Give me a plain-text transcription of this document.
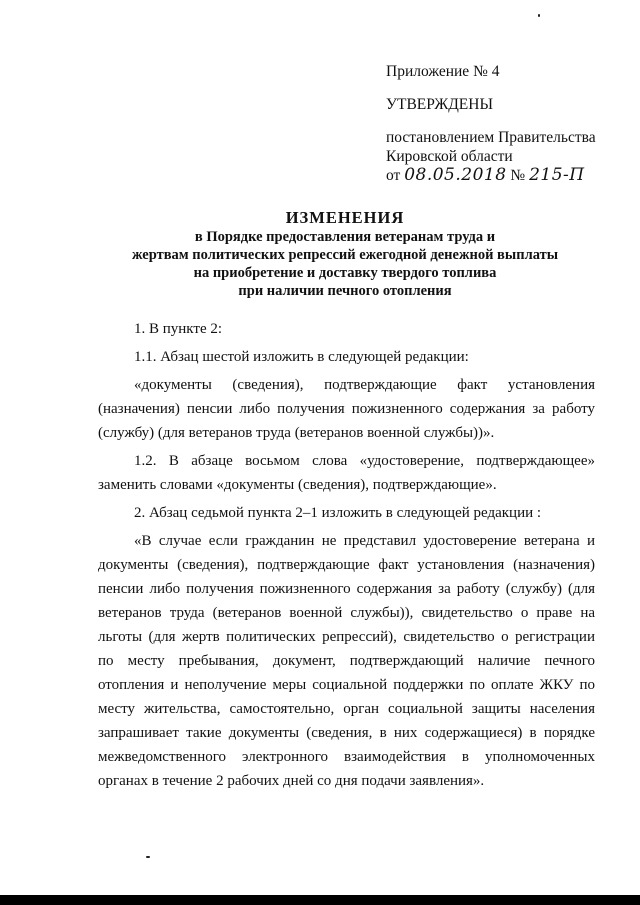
Приложение № 4
УТВЕРЖДЕНЫ
постановлением Правительства
Кировской области
от 08.05.2018 № 215-П
ИЗМЕНЕНИЯ
в Порядке предоставления ветеранам труда и
жертвам политических репрессий ежегодной денежной выплаты
на приобретение и доставку твердого топлива
при наличии печного отопления

1. В пункте 2:

1.1. Абзац шестой изложить в следующей редакции:

«документы (сведения), подтверждающие факт установления (назначения) пенсии либо получения пожизненного содержания за работу (службу) (для ветеранов труда (ветеранов военной службы))».

1.2. В абзаце восьмом слова «удостоверение, подтверждающее» заменить словами «документы (сведения), подтверждающие».

2. Абзац седьмой пункта 2–1 изложить в следующей редакции :

«В случае если гражданин не представил удостоверение ветерана и документы (сведения), подтверждающие факт установления (назначения) пенсии либо получения пожизненного содержания за работу (службу) (для ветеранов труда (ветеранов военной службы)), свидетельство о праве на льготы (для жертв политических репрессий), свидетельство о регистрации по месту пребывания, документ, подтверждающий наличие печного отопления и неполучение меры социальной поддержки по оплате ЖКУ по месту жительства, самостоятельно, орган социальной защиты населения запрашивает такие документы (сведения, в них содержащиеся) в порядке межведомственного электронного взаимодействия в уполномоченных органах в течение 2 рабочих дней со дня подачи заявления».
